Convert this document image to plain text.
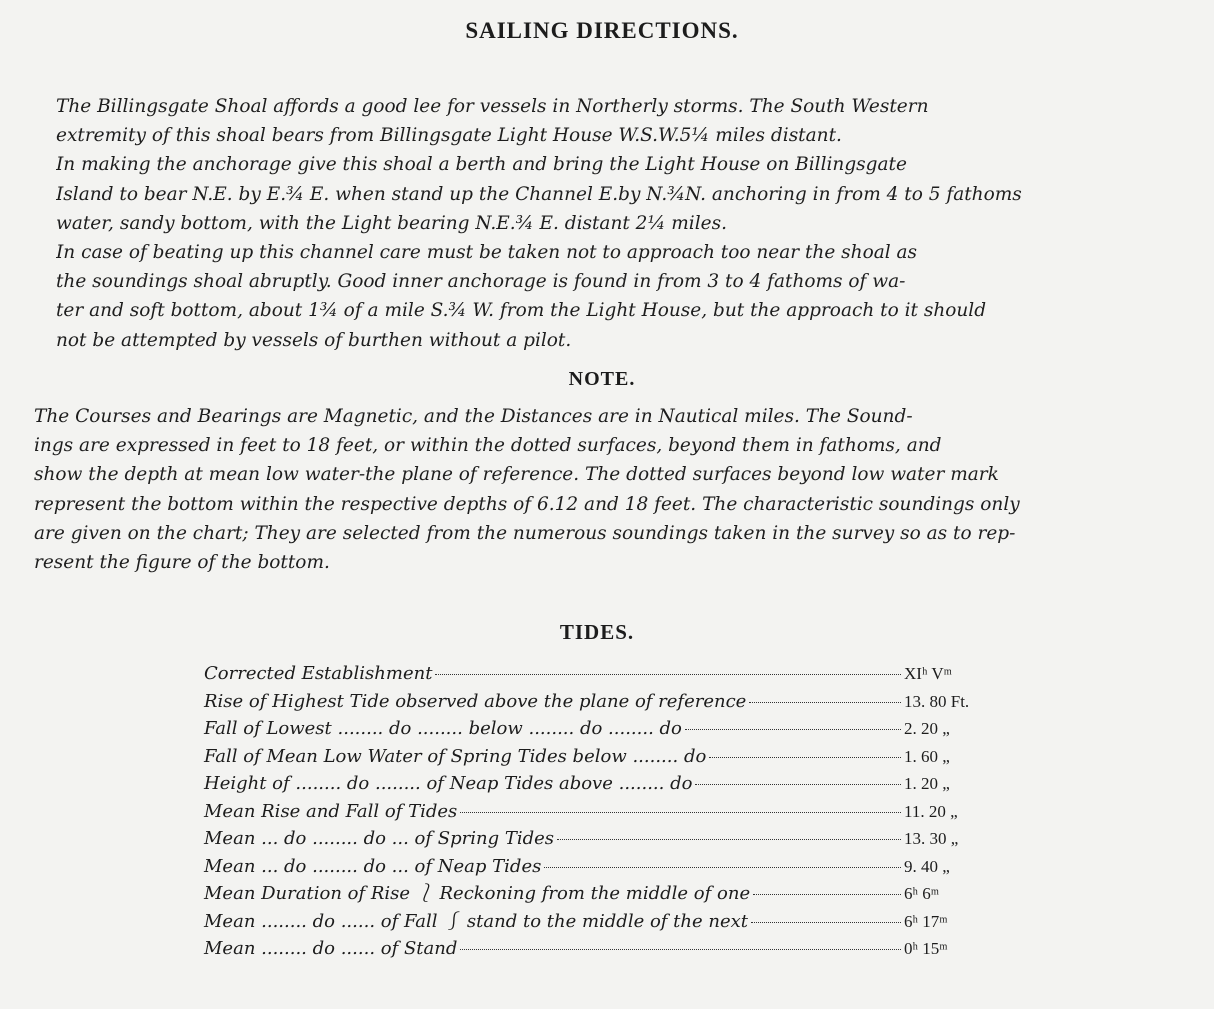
SAILING DIRECTIONS.
The Billingsgate Shoal affords a good lee for vessels in Northerly storms. The South Western
extremity of this shoal bears from Billingsgate Light House W.S.W.5¼ miles distant.
In making the anchorage give this shoal a berth and bring the Light House on Billingsgate
Island to bear N.E. by E.¾ E. when stand up the Channel E.by N.¾N. anchoring in from 4 to 5 fathoms
water, sandy bottom, with the Light bearing N.E.¾ E. distant 2¼ miles.
In case of beating up this channel care must be taken not to approach too near the shoal as
the soundings shoal abruptly. Good inner anchorage is found in from 3 to 4 fathoms of wa-
ter and soft bottom, about 1¾ of a mile S.¾ W. from the Light House, but the approach to it should
not be attempted by vessels of burthen without a pilot.
NOTE.
The Courses and Bearings are Magnetic, and the Distances are in Nautical miles. The Sound-
ings are expressed in feet to 18 feet, or within the dotted surfaces, beyond them in fathoms, and
show the depth at mean low water-the plane of reference. The dotted surfaces beyond low water mark
represent the bottom within the respective depths of 6.12 and 18 feet. The characteristic soundings only
are given on the chart; They are selected from the numerous soundings taken in the survey so as to rep-
resent the figure of the bottom.
TIDES.
Corrected Establishment	XIʰ Vᵐ
Rise of Highest Tide observed above the plane of reference	13. 80 Ft.
Fall of Lowest ........ do ........ below ........ do ........ do	2. 20 „
Fall of Mean Low Water of Spring Tides below ........ do	1. 60 „
Height of ........ do ........ of Neap Tides above ........ do	1. 20 „
Mean Rise and Fall of Tides	11. 20 „
Mean ... do ........ do ... of Spring Tides	13. 30 „
Mean ... do ........ do ... of Neap Tides	9. 40 „
Mean Duration of Rise ⎱ Reckoning from the middle of one	6ʰ 6ᵐ
Mean ........ do ...... of Fall ⎰ stand to the middle of the next	6ʰ 17ᵐ
Mean ........ do ...... of Stand	0ʰ 15ᵐ
